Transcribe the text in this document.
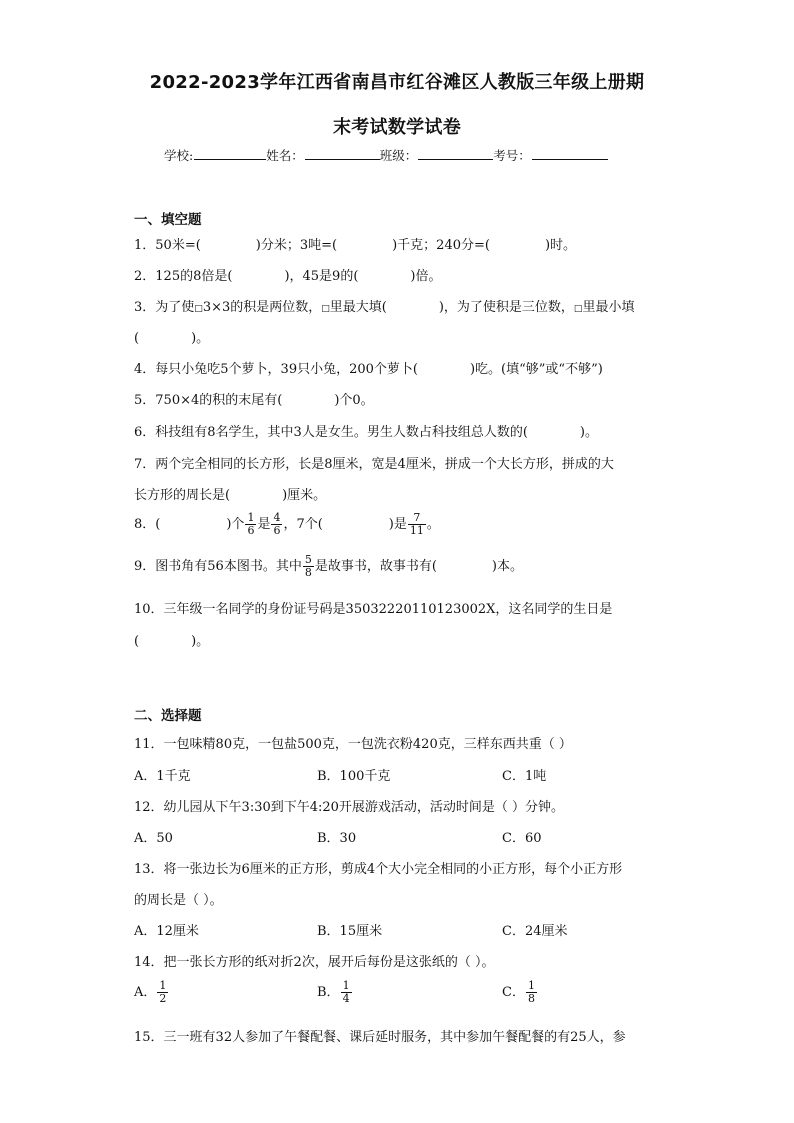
2022-2023学年江西省南昌市红谷滩区人教版三年级上册期
末考试数学试卷
学校:	姓名：	班级：	考号：
一、填空题
1．50米=(	)分米；3吨=(	)千克；240分=(	)时。
2．125的8倍是(	)，45是9的(	)倍。
3．为了使□3×3的积是两位数，□里最大填(	)，为了使积是三位数，□里最小填
(	)。
4．每只小兔吃5个萝卜，39只小兔，200个萝卜(	)吃。(填“够”或“不够”)
5．750×4的积的末尾有(	)个0。
6．科技组有8名学生，其中3人是女生。男生人数占科技组总人数的(	)。
7．两个完全相同的长方形，长是8厘米，宽是4厘米，拼成一个大长方形，拼成的大
长方形的周长是(	)厘米。
8．(	)个 $\frac{1}{6}$ 是 $\frac{4}{6}$ ，7个(	)是 $\frac{7}{11}$ 。
9．图书角有56本图书。其中 $\frac{5}{8}$ 是故事书，故事书有(	)本。
10．三年级一名同学的身份证号码是350322201101230​02X，这名同学的生日是
(	)。
二、选择题
11．一包味精80克，一包盐500克，一包洗衣粉420克，三样东西共重（ ）
A．1千克	B．100千克	C．1吨
12．幼儿园从下午3:30到下午4:20开展游戏活动，活动时间是（ ）分钟。
A．50	B．30	C．60
13．将一张边长为6厘米的正方形，剪成4个大小完全相同的小正方形，每个小正方形
的周长是（ ）。
A．12厘米	B．15厘米	C．24厘米
14．把一张长方形的纸对折2次，展开后每份是这张纸的（ ）。
A． $\frac{1}{2}$	B． $\frac{1}{4}$	C． $\frac{1}{8}$
15．三一班有32人参加了午餐配餐、课后延时服务，其中参加午餐配餐的有25人，参
